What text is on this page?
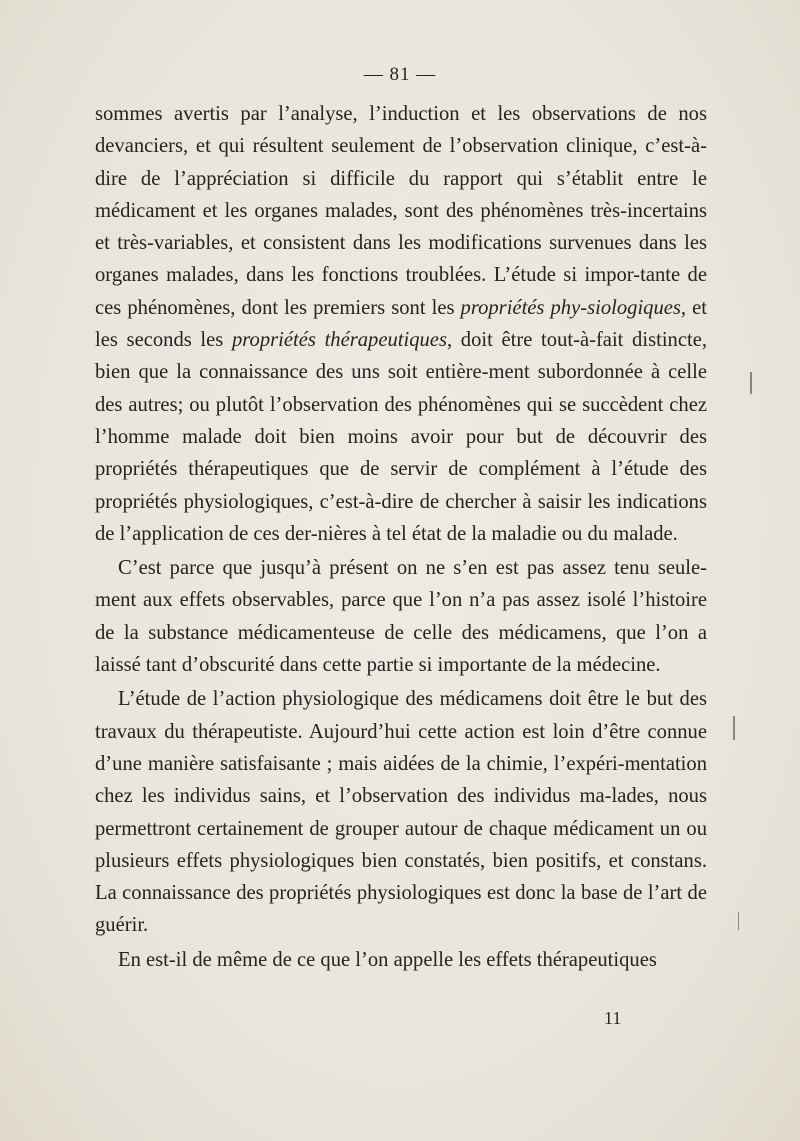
— 81 —

sommes avertis par l’analyse, l’induction et les observations de nos devanciers, et qui résultent seulement de l’observation clinique, c’est-à-dire de l’appréciation si difficile du rapport qui s’établit entre le médicament et les organes malades, sont des phénomènes très-incertains et très-variables, et consistent dans les modifications survenues dans les organes malades, dans les fonctions troublées. L’étude si impor-tante de ces phénomènes, dont les premiers sont les propriétés phy-siologiques, et les seconds les propriétés thérapeutiques, doit être tout-à-fait distincte, bien que la connaissance des uns soit entière-ment subordonnée à celle des autres; ou plutôt l’observation des phénomènes qui se succèdent chez l’homme malade doit bien moins avoir pour but de découvrir des propriétés thérapeutiques que de servir de complément à l’étude des propriétés physiologiques, c’est-à-dire de chercher à saisir les indications de l’application de ces der-nières à tel état de la maladie ou du malade.

C’est parce que jusqu’à présent on ne s’en est pas assez tenu seule-ment aux effets observables, parce que l’on n’a pas assez isolé l’histoire de la substance médicamenteuse de celle des médicamens, que l’on a laissé tant d’obscurité dans cette partie si importante de la médecine.

L’étude de l’action physiologique des médicamens doit être le but des travaux du thérapeutiste. Aujourd’hui cette action est loin d’être connue d’une manière satisfaisante ; mais aidées de la chimie, l’expéri-mentation chez les individus sains, et l’observation des individus ma-lades, nous permettront certainement de grouper autour de chaque médicament un ou plusieurs effets physiologiques bien constatés, bien positifs, et constans. La connaissance des propriétés physiologiques est donc la base de l’art de guérir.

En est-il de même de ce que l’on appelle les effets thérapeutiques

11
